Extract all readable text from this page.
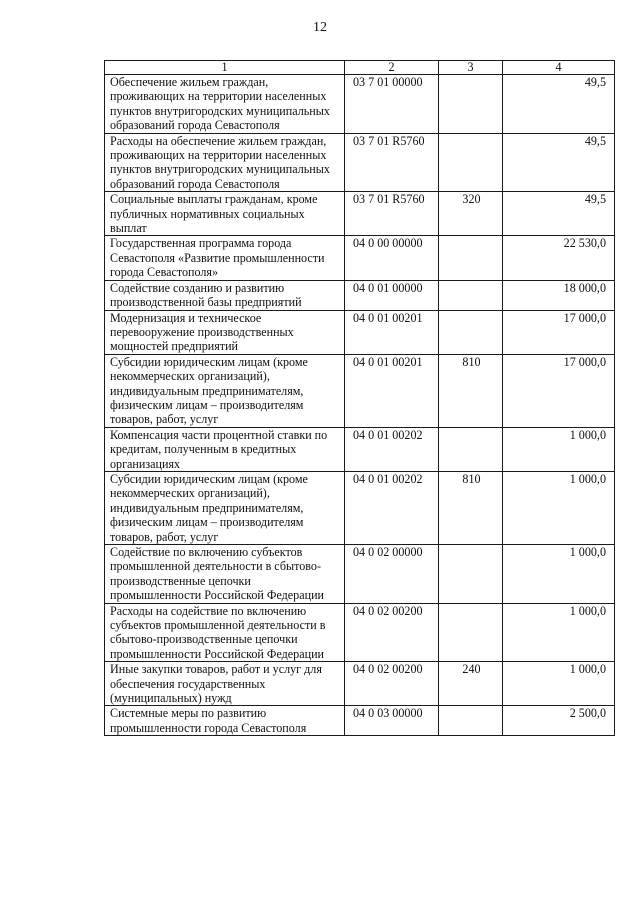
12
1	2	3	4
Обеспечение жильем граждан, проживающих на территории населенных пунктов внутригородских муниципальных образований города Севастополя	03 7 01 00000		49,5
Расходы на обеспечение жильем граждан, проживающих на территории населенных пунктов внутригородских муниципальных образований города Севастополя	03 7 01 R5760		49,5
Социальные выплаты гражданам, кроме публичных нормативных социальных выплат	03 7 01 R5760	320	49,5
Государственная программа города Севастополя «Развитие промышленности города Севастополя»	04 0 00 00000		22 530,0
Содействие созданию и развитию производственной базы предприятий	04 0 01 00000		18 000,0
Модернизация и техническое перевооружение производственных мощностей предприятий	04 0 01 00201		17 000,0
Субсидии юридическим лицам (кроме некоммерческих организаций), индивидуальным предпринимателям, физическим лицам – производителям товаров, работ, услуг	04 0 01 00201	810	17 000,0
Компенсация части процентной ставки по кредитам, полученным в кредитных организациях	04 0 01 00202		1 000,0
Субсидии юридическим лицам (кроме некоммерческих организаций), индивидуальным предпринимателям, физическим лицам – производителям товаров, работ, услуг	04 0 01 00202	810	1 000,0
Содействие по включению субъектов промышленной деятельности в сбытово-производственные цепочки промышленности Российской Федерации	04 0 02 00000		1 000,0
Расходы на содействие по включению субъектов промышленной деятельности в сбытово-производственные цепочки промышленности Российской Федерации	04 0 02 00200		1 000,0
Иные закупки товаров, работ и услуг для обеспечения государственных (муниципальных) нужд	04 0 02 00200	240	1 000,0
Системные меры по развитию промышленности города Севастополя	04 0 03 00000		2 500,0
